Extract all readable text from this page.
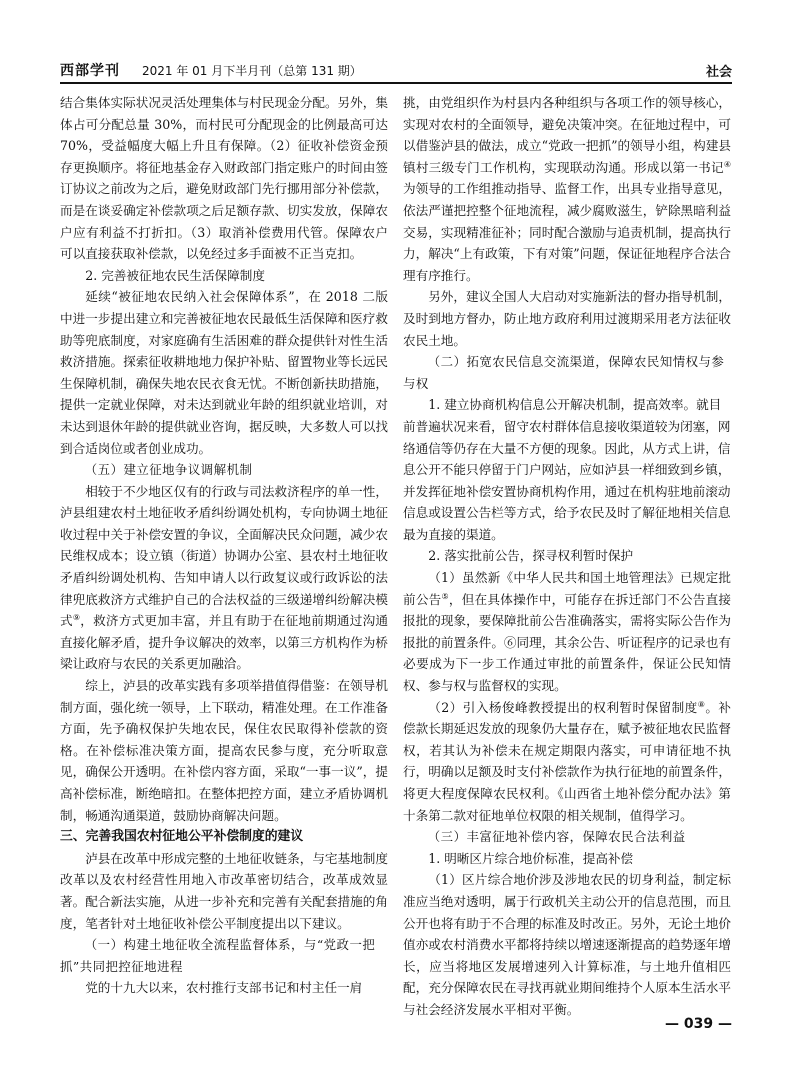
西部学刊 2021 年 01 月下半月刊（总第 131 期）	社会

结合集体实际状况灵活处理集体与村民现金分配。另外，集体占可分配总量 30%，而村民可分配现金的比例最高可达 70%，受益幅度大幅上升且有保障。（2）征收补偿资金预存更换顺序。将征地基金存入财政部门指定账户的时间由签订协议之前改为之后，避免财政部门先行挪用部分补偿款，而是在谈妥确定补偿款项之后足额存款、切实发放，保障农户应有利益不打折扣。（3）取消补偿费用代管。保障农户可以直接获取补偿款，以免经过多手面被不正当克扣。

2. 完善被征地农民生活保障制度

延续“被征地农民纳入社会保障体系”，在 2018 二版中进一步提出建立和完善被征地农民最低生活保障和医疗救助等兜底制度，对家庭确有生活困难的群众提供针对性生活救济措施。探索征收耕地地力保护补贴、留置物业等长远民生保障机制，确保失地农民衣食无忧。不断创新扶助措施，提供一定就业保障，对未达到就业年龄的组织就业培训，对未达到退休年龄的提供就业咨询，据反映，大多数人可以找到合适岗位或者创业成功。

（五）建立征地争议调解机制

相较于不少地区仅有的行政与司法救济程序的单一性，泸县组建农村土地征收矛盾纠纷调处机构，专向协调土地征收过程中关于补偿安置的争议，全面解决民众问题，减少农民维权成本；设立镇（街道）协调办公室、县农村土地征收矛盾纠纷调处机构、告知申请人以行政复议或行政诉讼的法律兜底救济方式维护自己的合法权益的三级递增纠纷解决模式⑨，救济方式更加丰富，并且有助于在征地前期通过沟通直接化解矛盾，提升争议解决的效率，以第三方机构作为桥梁让政府与农民的关系更加融洽。

综上，泸县的改革实践有多项举措值得借鉴：在领导机制方面，强化统一领导，上下联动，精准处理。在工作准备方面，先予确权保护失地农民，保住农民取得补偿款的资格。在补偿标准决策方面，提高农民参与度，充分听取意见，确保公开透明。在补偿内容方面，采取“一事一议”，提高补偿标准，断绝暗扣。在整体把控方面，建立矛盾协调机制，畅通沟通渠道，鼓励协商解决问题。

三、完善我国农村征地公平补偿制度的建议

泸县在改革中形成完整的土地征收链条，与宅基地制度改革以及农村经营性用地入市改革密切结合，改革成效显著。配合新法实施，从进一步补充和完善有关配套措施的角度，笔者针对土地征收补偿公平制度提出以下建议。

（一）构建土地征收全流程监督体系，与“党政一把抓”共同把控征地进程

党的十九大以来，农村推行支部书记和村主任一肩

挑，由党组织作为村县内各种组织与各项工作的领导核心，实现对农村的全面领导，避免决策冲突。在征地过程中，可以借鉴泸县的做法，成立“党政一把抓”的领导小组，构建县镇村三级专门工作机构，实现联动沟通。形成以第一书记④为领导的工作组推动指导、监督工作，出具专业指导意见，依法严谨把控整个征地流程，减少腐败滋生，铲除黑暗利益交易，实现精准征补；同时配合激励与追责机制，提高执行力，解决“上有政策，下有对策”问题，保证征地程序合法合理有序推行。

另外，建议全国人大启动对实施新法的督办指导机制，及时到地方督办，防止地方政府利用过渡期采用老方法征收农民土地。

（二）拓宽农民信息交流渠道，保障农民知情权与参与权

1. 建立协商机构信息公开解决机制，提高效率。就目前普遍状况来看，留守农村群体信息接收渠道较为闭塞，网络通信等仍存在大量不方便的现象。因此，从方式上讲，信息公开不能只停留于门户网站，应如泸县一样细致到乡镇，并发挥征地补偿安置协商机构作用，通过在机构驻地前滚动信息或设置公告栏等方式，给予农民及时了解征地相关信息最为直接的渠道。

2. 落实批前公告，探寻权利暂时保护

（1）虽然新《中华人民共和国土地管理法》已规定批前公告⑤，但在具体操作中，可能存在拆迁部门不公告直接报批的现象，要保障批前公告准确落实，需将实际公告作为报批的前置条件。⑥同理，其余公告、听证程序的记录也有必要成为下一步工作通过审批的前置条件，保证公民知情权、参与权与监督权的实现。

（2）引入杨俊峰教授提出的权利暂时保留制度⑧。补偿款长期延迟发放的现象仍大量存在，赋予被征地农民监督权，若其认为补偿未在规定期限内落实，可申请征地不执行，明确以足额及时支付补偿款作为执行征地的前置条件，将更大程度保障农民权利。《山西省土地补偿分配办法》第十条第二款对征地单位权限的相关规制，值得学习。

（三）丰富征地补偿内容，保障农民合法利益

1. 明晰区片综合地价标准，提高补偿

（1）区片综合地价涉及涉地农民的切身利益，制定标准应当绝对透明，属于行政机关主动公开的信息范围，而且公开也将有助于不合理的标准及时改正。另外，无论土地价值亦或农村消费水平都将持续以增速逐渐提高的趋势逐年增长，应当将地区发展增速列入计算标准，与土地升值相匹配，充分保障农民在寻找再就业期间维持个人原本生活水平与社会经济发展水平相对平衡。

— 039 —
